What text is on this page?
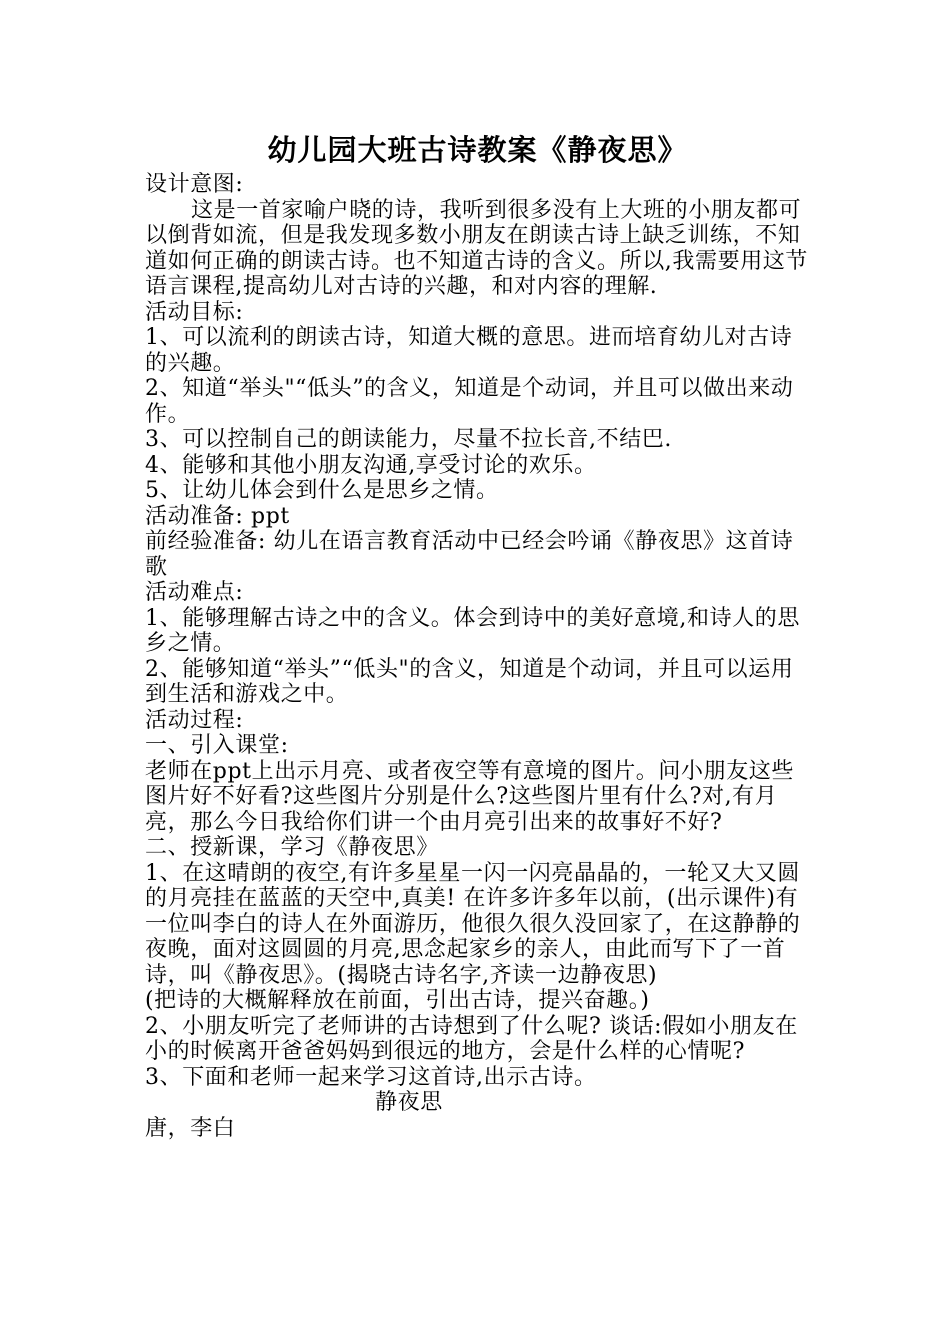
幼儿园大班古诗教案《静夜思》

设计意图:

这是一首家喻户晓的诗，我听到很多没有上大班的小朋友都可以倒背如流，但是我发现多数小朋友在朗读古诗上缺乏训练，不知道如何正确的朗读古诗。也不知道古诗的含义。所以,我需要用这节语言课程,提高幼儿对古诗的兴趣，和对内容的理解.

活动目标:

1、可以流利的朗读古诗，知道大概的意思。进而培育幼儿对古诗的兴趣。

2、知道“举头"“低头”的含义，知道是个动词，并且可以做出来动作。

3、可以控制自己的朗读能力，尽量不拉长音,不结巴.

4、能够和其他小朋友沟通,享受讨论的欢乐。

5、让幼儿体会到什么是思乡之情。

活动准备: ppt

前经验准备: 幼儿在语言教育活动中已经会吟诵《静夜思》这首诗歌

活动难点:

1、能够理解古诗之中的含义。体会到诗中的美好意境,和诗人的思乡之情。

2、能够知道“举头”“低头"的含义，知道是个动词，并且可以运用到生活和游戏之中。

活动过程:

一、引入课堂:

老师在ppt上出示月亮、或者夜空等有意境的图片。问小朋友这些图片好不好看?这些图片分别是什么?这些图片里有什么?对,有月亮，那么今日我给你们讲一个由月亮引出来的故事好不好?

二、授新课，学习《静夜思》

1、在这晴朗的夜空,有许多星星一闪一闪亮晶晶的，一轮又大又圆的月亮挂在蓝蓝的天空中,真美! 在许多许多年以前，(出示课件)有一位叫李白的诗人在外面游历，他很久很久没回家了，在这静静的夜晚，面对这圆圆的月亮,思念起家乡的亲人，由此而写下了一首诗，叫《静夜思》。(揭晓古诗名字,齐读一边静夜思)

(把诗的大概解释放在前面，引出古诗，提兴奋趣。)

2、小朋友听完了老师讲的古诗想到了什么呢? 谈话:假如小朋友在小的时候离开爸爸妈妈到很远的地方，会是什么样的心情呢?

3、下面和老师一起来学习这首诗,出示古诗。

静夜思

唐，李白
